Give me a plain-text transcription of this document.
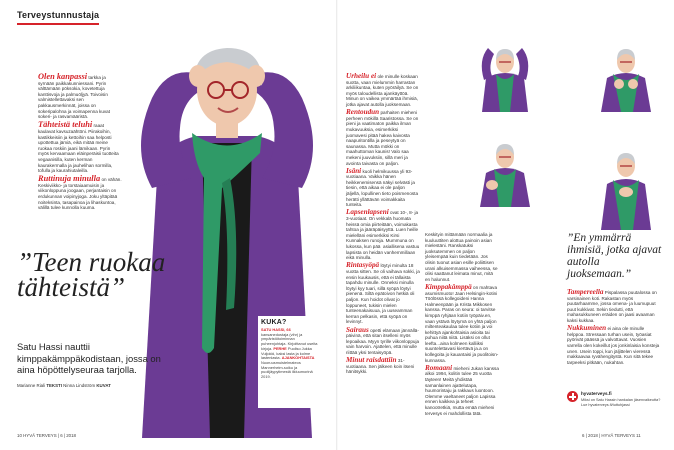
Terveystunnustaja

Olen kanpassi tarkka ja syrnään paikkakunniessani. Pyrin välttämään pöksokia, kovetettuja kanttisvoja ja palmuöljyä. Toivoisin valmistellettavaksi sen pakkausmerkinnät, joissa on sokeripalohna ja voimapenna kuvat sokeri- ja rasvamääristä.

Tähteistä teluhi raaat kaulavat kavsuzaähtöni. Piirakoihin, kastikkeisiin ja kettoihin saa helposti upottettua jämiä, eikä mitää meine ruokaa roskiin jaani lämikaan. Pyrin myös kervaamaan eläinperäisii tuotteita vegaanisilla, kuten kerman kaurakermalla ja jauhelihan sormilla, tofulla ja kaurahiutaleilla.

Ruttinuja minulla on vähän. Keskiviikko- ja torstaiaamuisin ja viikonloppuna joogaan, perjantaisin on erdukunnan voipinyjoga. Joku yltäpitää noiteksinta, tasapainoa ja lihaskuntoa, välillä tulee kunnolla kuuma.

”Teen ruokaa tähteistä”
Satu Hassi nauttii kimppakämppäkodistaan, jossa on aina höpöttelyseuraa tarjolla.
Marianne Riali TEKSTI Ninna Lindström KUVAT
KUKA?
SATU HASSI, 66 kansanedustaja (vihr) ja ympäristötoiminnan puheenjohtaja. Kirjoittanut useita kirjoja. PERHE Puoliso Jukka Vuljokki, kaksi lasta ja kolme lastenlasta. AJANKOHTAISTA Nuoruusmuistelmateos Mannerheim-soiku ja puolijäypytimestä ilkluumorinä 2019.

Urheilu ei ole minulle koskaan suotta, vaan mielummin harrastan arkiliikuntaa, kuten pyöräilyä. Se on myös taloudellista ajankäyttöä. Minun on vaikea ymmärtää ihmisiä, jotka ajavat autolla juoksemaan.

Rentoudun parhaiten mieheni perheen mökillä Saaristossa. Se on pieni ja vaatimaton paikka ilman mukavuuksia, esimerkiksi juomavesi pitää hakea kaivosta naapuritontilla ja peseytyä on saunassa. Mutta mökki on maahuttoman kaunis! Valo saa mekeni juuvuksiin, sillä meri ja avointa taivasta on paljon.

Isäni kuoli helmikuussa yli 93-vuotiaana. Vaikka hänen heikkenemisensä näkyi selvästi ja tiesin, että aikaa ei ole paljon jäljellä, lopullinen tieto poismenosta herätti yllättävän voimakkaita tunteita.

Lapsenlapseni ovat 10-, 8- ja 3-vuotiaat. On vekkalä huomata heissä omia piirteitään, voimakasta tahtoa ja jääräpäisyyttä. Luen heille mielelläni esimerkiksi Kirsi Kunnaksen runoja. Mummuna on lukossa, kun pää asiallisena vastuu lapsista on heidän vanhemmillaan eikä minulla.

Rintasyöpä löytyi minulta 18 vuotta sitten. Se oli vaihava sokki, ja ensin kuukausis, että ei tällaista tapahdu minulle. Onneksi minulla löytyi kyy tuari, sillä syöpä löytyi pienenä. Siltä epätoivon hetkiä oli paljon. Kun hoidot olivat jo loppuneet, tukisin mielen tunteenakaisuua, ja uuseamman kerran pelkasin, että syöpä on levinnyt.

Sairaus opetti elämaan jännällä päivinä, että sitan itselleni myös lepoaikaa. Myyn tyrille viikonloppuja vain harvoin. Ajattelen, että minulle riittää yksi tentaisyöpä.

Minut raisdattiin 31-vuotiaana. Sen jälkeen koin itseni hänitsykki.

Keskityin mittämään normaalia ja kuuluuttiten alottua painoin asian mielestäni. Ranskatuksi juoksutemmen on paljon yleisempää kuin tiedetään. Jos olisin tuonut asian esille poliittisen urani alkuisemmassa vaiheessa, se olisi saattanut leimata minut, mitä en halunnut.

Kimppakämppä on mahtava asumismuoto! Jaan Helsingin-kotini Töölössä kollegoideni Hanna Halmeenpään ja Krista Mikkosen kanssa. Paras on seura: oi tarvitse kimppä ryhjäan kotiin työpäiv.en, vaan ystävä löytymä on yhtä paljon miltenteakaulaa tulee kotiin ja voi kehittyä ajankohtaisia asioita tai puhua niitä niitä. Lisäksi on ollut leefta...aina kolmeen kalliiksi suuntelettavasi kiertävä ja.a on kollegoita jo kauantaisi ja puolitoisn-kunnassa.

Romaani mieheni Jukan kanssa alkoi 1994, kolitin tulee 25 vuotta täyteen! Meitä yhdistää samanlainen ajattelutapa, huumorintaju ja rakkaus luontoon. Olemme vaeltaneet paljon Lapissa ennen kaikkea ja teheet kanootretkiä, mutta emää mieheni tervesys ei mahdollista tätä.

”En ymmärrä ihmisiä, jotka ajavat autolla juoksemaan.”

Tampereella Pispalassa puutalossa on varsinainen koti. Rakastan myös puutarhaamme, jossa omena- ja luumupuut puut kukkivat. Sekin tiedutti, että mahasukkuneen eräiden on jaasi avaaman kaksi kukkaa.

Nukkuminen ei aina ole minulle helppoa. Stressaan turhan usein, työasiat pyörivät päässä ja valvottavat. Vuosien varrella olen kokeillut jos jonkinlaisia konsteja unen. Usein toppi, kun jäljittelen vieressä makkaavaa ryvähengitystä. Kun sitä tekee tarpeeksi pitkään, nukahtan.

hyvaterveys.fi
Miksi on Satu Hassin hankalan jäsenvaikeutta? Lue hyvaterveys.fi/tuttuhjassi
10 HYVÄ TERVEYS | 6 | 2018	6 | 2018 | HYVÄ TERVEYS 11
